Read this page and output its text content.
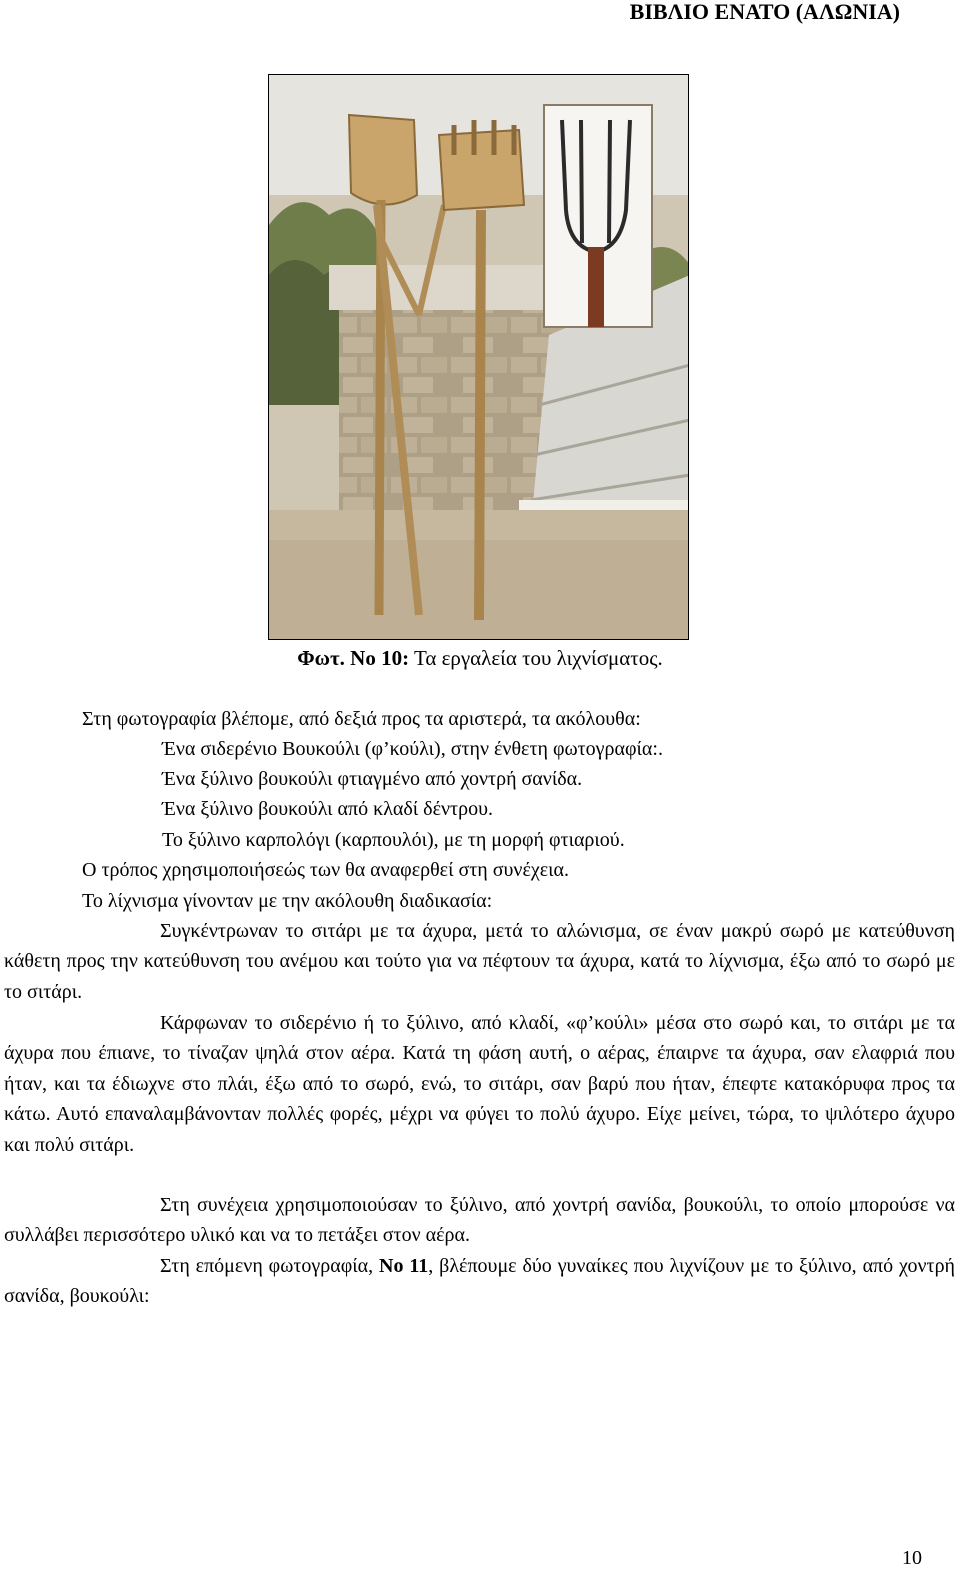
ΒΙΒΛΙΟ ΕΝΑΤΟ (ΑΛΩΝΙΑ)
Φωτ. Νο 10: Τα εργαλεία του λιχνίσματος.
Στη φωτογραφία βλέπομε, από δεξιά προς τα αριστερά, τα ακόλουθα:
Ένα σιδερένιο Βουκούλι (φ’κούλι), στην ένθετη φωτογραφία:.
Ένα ξύλινο βουκούλι φτιαγμένο από χοντρή σανίδα.
Ένα ξύλινο βουκούλι από κλαδί δέντρου.
Το ξύλινο καρπολόγι (καρπουλόι), με τη μορφή φτιαριού.
Ο τρόπος χρησιμοποιήσεώς των θα αναφερθεί στη συνέχεια.
Το λίχνισμα γίνονταν με την ακόλουθη διαδικασία:
Συγκέντρωναν το σιτάρι με τα άχυρα, μετά το αλώνισμα, σε έναν μακρύ σωρό με κατεύθυνση κάθετη προς την κατεύθυνση του ανέμου και τούτο για να πέφτουν τα άχυρα, κατά το λίχνισμα, έξω από το σωρό με το σιτάρι.
Κάρφωναν το σιδερένιο ή το ξύλινο, από κλαδί, «φ’κούλι» μέσα στο σωρό και, το σιτάρι με τα άχυρα που έπιανε, το τίναζαν ψηλά στον αέρα. Κατά τη φάση αυτή, ο αέρας, έπαιρνε τα άχυρα, σαν ελαφριά που ήταν, και τα έδιωχνε στο πλάι, έξω από το σωρό, ενώ, το σιτάρι, σαν βαρύ που ήταν, έπεφτε κατακόρυφα προς τα κάτω. Αυτό επαναλαμβάνονταν πολλές φορές, μέχρι να φύγει το πολύ άχυρο. Είχε μείνει, τώρα, το ψιλότερο άχυρο και πολύ σιτάρι.
Στη συνέχεια χρησιμοποιούσαν το ξύλινο, από χοντρή σανίδα, βουκούλι, το οποίο μπορούσε να συλλάβει περισσότερο υλικό και να το πετάξει στον αέρα.
Στη επόμενη φωτογραφία, Νο 11, βλέπουμε δύο γυναίκες που λιχνίζουν με το ξύλινο, από χοντρή σανίδα, βουκούλι:
10
